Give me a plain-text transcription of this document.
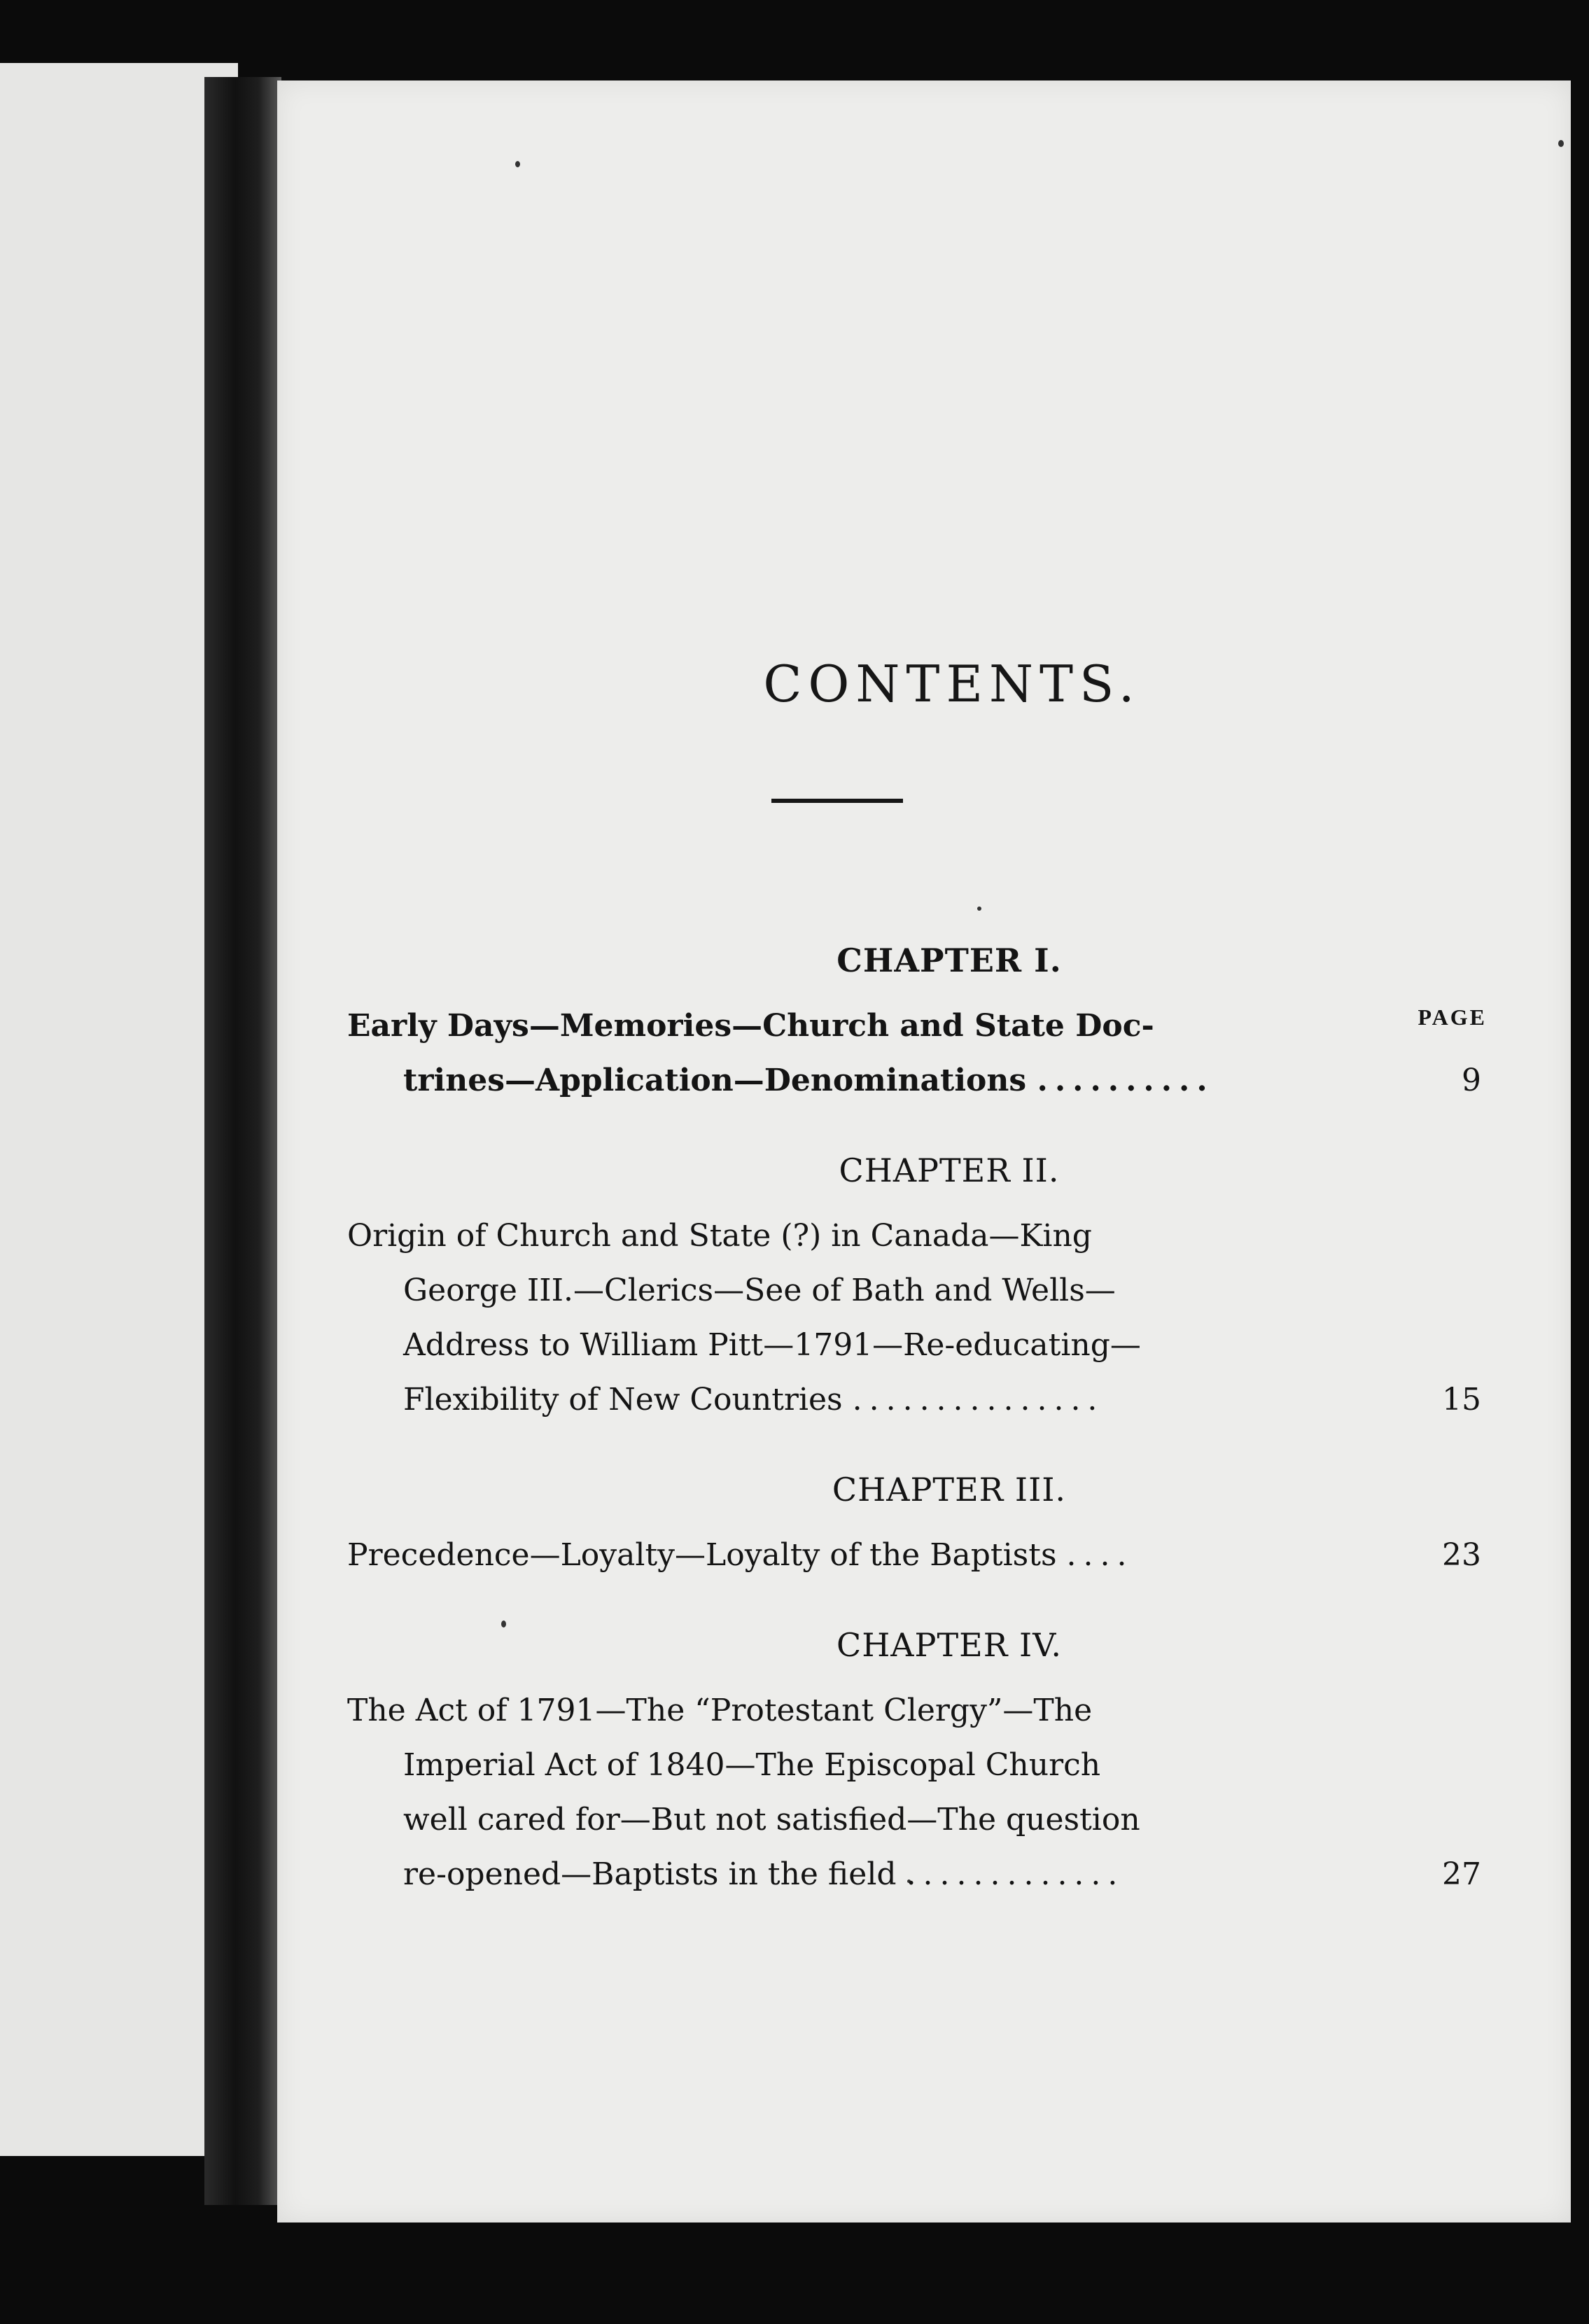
CONTENTS.
PAGE
CHAPTER I.
Early Days—Memories—Church and State Doc-
trines—Application—Denominations ..........	9
CHAPTER II.
Origin of Church and State (?) in Canada—King
George III.—Clerics—See of Bath and Wells—
Address to William Pitt—1791—Re-educating—
Flexibility of New Countries ...............	15
CHAPTER III.
Precedence—Loyalty—Loyalty of the Baptists ....	23
CHAPTER IV.
The Act of 1791—The “Protestant Clergy”—The
Imperial Act of 1840—The Episcopal Church
well cared for—But not satisfied—The question
re-opened—Baptists in the field .............	27
